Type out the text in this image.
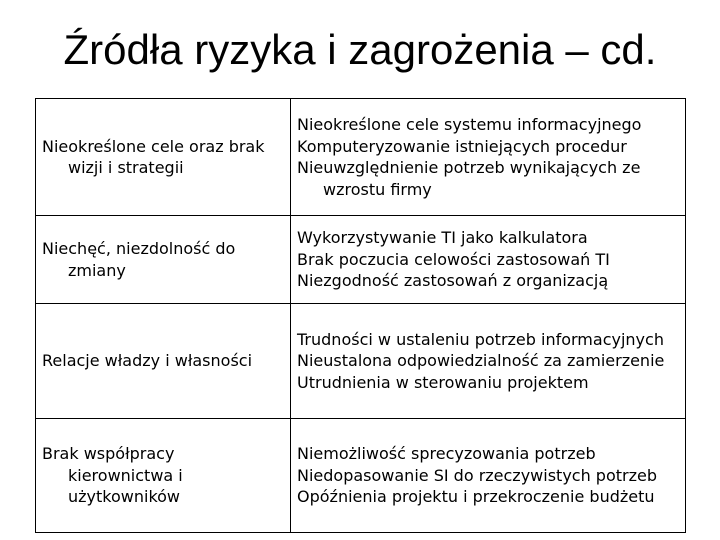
Źródła ryzyka i zagrożenia – cd.
Nieokreślone cele oraz brak wizji i strategii	Nieokreślone cele systemu informacyjnego
Komputeryzowanie istniejących procedur
Nieuwzględnienie potrzeb wynikających ze wzrostu firmy

Niechęć, niezdolność do zmiany	Wykorzystywanie TI jako kalkulatora
Brak poczucia celowości zastosowań TI
Niezgodność zastosowań z organizacją

Relacje władzy i własności	Trudności w ustaleniu potrzeb informacyjnych
Nieustalona odpowiedzialność za zamierzenie
Utrudnienia w sterowaniu projektem

Brak współpracy kierownictwa i użytkowników	Niemożliwość sprecyzowania potrzeb
Niedopasowanie SI do rzeczywistych potrzeb
Opóźnienia projektu i przekroczenie budżetu
